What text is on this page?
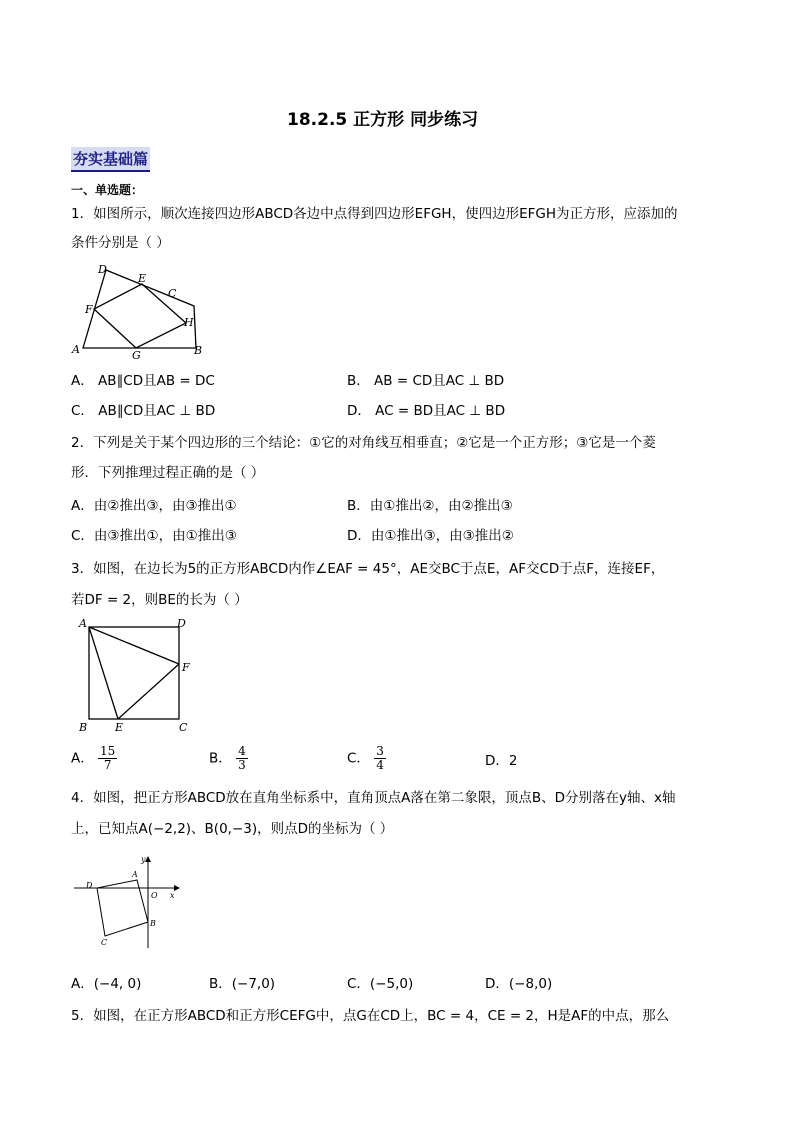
18.2.5 正方形 同步练习
夯实基础篇
一、单选题：
1．如图所示，顺次连接四边形ABCD各边中点得到四边形EFGH，使四边形EFGH为正方形，应添加的
条件分别是（ ）
D
E
C
F
H
A	G	B
A． AB∥CD且AB = DC	B． AB = CD且AC ⊥ BD
C． AB∥CD且AC ⊥ BD	D． AC = BD且AC ⊥ BD
2．下列是关于某个四边形的三个结论：①它的对角线互相垂直；②它是一个正方形；③它是一个菱
形．下列推理过程正确的是（ ）
A．由②推出③，由③推出①	B．由①推出②，由②推出③
C．由③推出①，由①推出③	D．由①推出③，由③推出②
3．如图，在边长为5的正方形ABCD内作∠EAF = 45°，AE交BC于点E，AF交CD于点F，连接EF，
若DF = 2，则BE的长为（ ）
A	D
F
B	E	C
A． $\frac{15}{7}$	B． $\frac{4}{3}$	C． $\frac{3}{4}$	D．2
4．如图，把正方形ABCD放在直角坐标系中，直角顶点A落在第二象限，顶点B、D分别落在y轴、x轴
上，已知点A(−2,2)、B(0,−3)，则点D的坐标为（ ）
y
A
D
O x
B
C
A．(−4, 0)	B．(−7,0)	C．(−5,0)	D．(−8,0)
5．如图，在正方形ABCD和正方形CEFG中，点G在CD上，BC = 4，CE = 2，H是AF的中点，那么
